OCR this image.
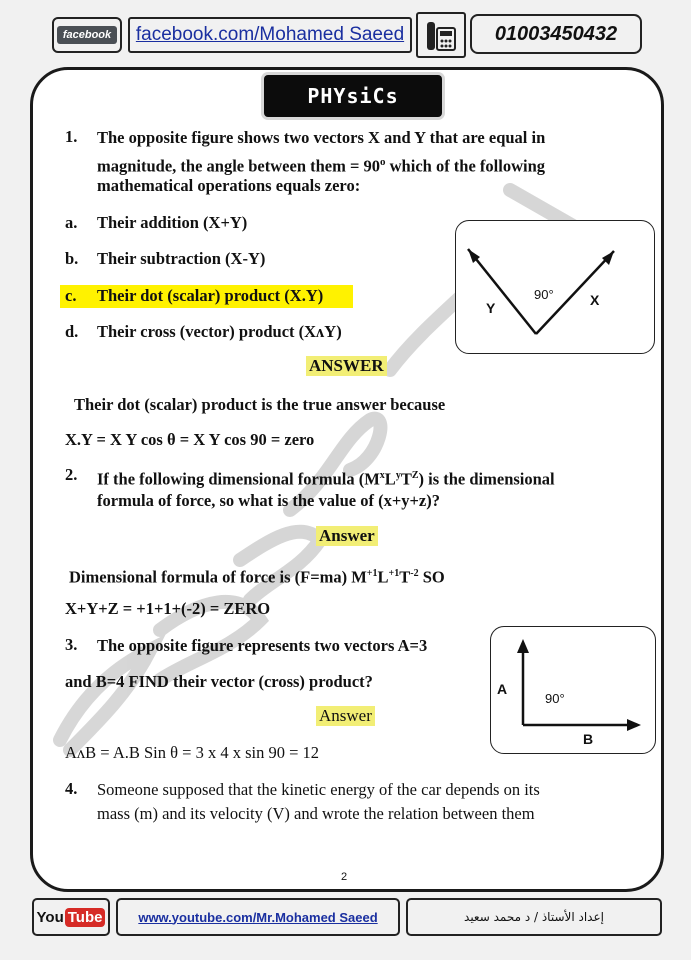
facebook	facebook.com/Mohamed Saeed	01003450432
PHYsiCs
1. The opposite figure shows two vectors X and Y that are equal in
magnitude, the angle between them = $90^o$ which of the following
mathematical operations equals zero:
a. Their addition (X+Y)
b. Their subtraction (X-Y)
c. Their dot (scalar) product (X.Y)
d. Their cross (vector) product (XʌY)
Y
90°	X
ANSWER
Their dot (scalar) product is the true answer because
X.Y = X Y cos θ = X Y cos 90 = zero
2. If the following dimensional formula $(M^xL^yT^Z)$ is the dimensional
formula of force, so what is the value of (x+y+z)?
Answer
Dimensional formula of force is (F=ma) $M^{+1}L^{+1}T^{-2}$ SO
X+Y+Z = +1+1+(-2) = ZERO
3. The opposite figure represents two vectors A=3
and B=4 FIND their vector (cross) product?	A
90°
B
Answer
AʌB = A.B Sin θ = 3 x 4 x sin 90 = 12
4. Someone supposed that the kinetic energy of the car depends on its
mass (m) and its velocity (V) and wrote the relation between them
2
You Tube	www.youtube.com/Mr.Mohamed Saeed	إعداد الأستاذ / د محمد سعيد
